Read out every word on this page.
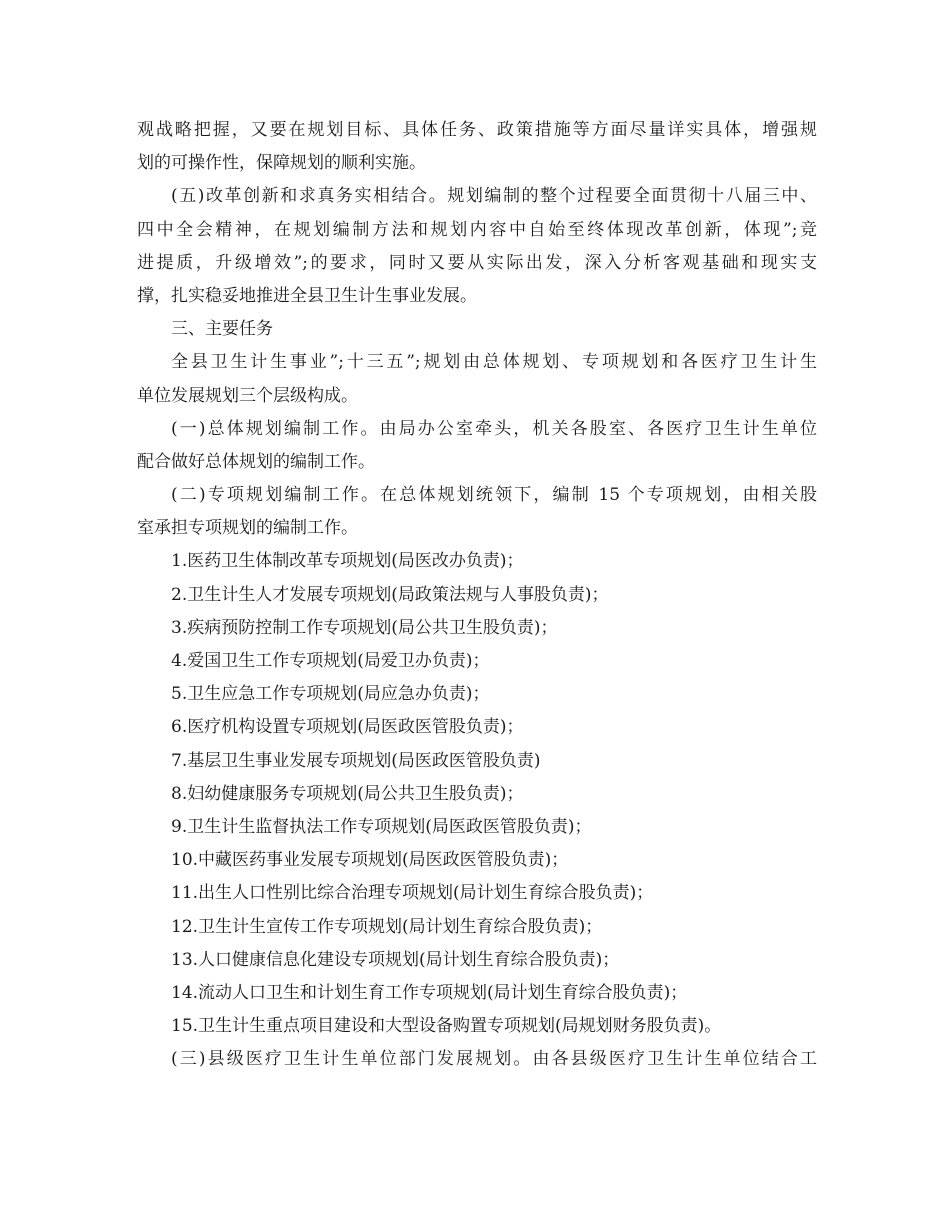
观战略把握，又要在规划目标、具体任务、政策措施等方面尽量详实具体，增强规
划的可操作性，保障规划的顺利实施。
(五)改革创新和求真务实相结合。规划编制的整个过程要全面贯彻十八届三中、
四中全会精神，在规划编制方法和规划内容中自始至终体现改革创新，体现”;竞
进提质，升级增效”;的要求，同时又要从实际出发，深入分析客观基础和现实支
撑，扎实稳妥地推进全县卫生计生事业发展。
三、主要任务
全县卫生计生事业”;十三五”;规划由总体规划、专项规划和各医疗卫生计生
单位发展规划三个层级构成。
(一)总体规划编制工作。由局办公室牵头，机关各股室、各医疗卫生计生单位
配合做好总体规划的编制工作。
(二)专项规划编制工作。在总体规划统领下，编制 15 个专项规划，由相关股
室承担专项规划的编制工作。
1.医药卫生体制改革专项规划(局医改办负责)；
2.卫生计生人才发展专项规划(局政策法规与人事股负责)；
3.疾病预防控制工作专项规划(局公共卫生股负责)；
4.爱国卫生工作专项规划(局爱卫办负责)；
5.卫生应急工作专项规划(局应急办负责)；
6.医疗机构设置专项规划(局医政医管股负责)；
7.基层卫生事业发展专项规划(局医政医管股负责)
8.妇幼健康服务专项规划(局公共卫生股负责)；
9.卫生计生监督执法工作专项规划(局医政医管股负责)；
10.中藏医药事业发展专项规划(局医政医管股负责)；
11.出生人口性别比综合治理专项规划(局计划生育综合股负责)；
12.卫生计生宣传工作专项规划(局计划生育综合股负责)；
13.人口健康信息化建设专项规划(局计划生育综合股负责)；
14.流动人口卫生和计划生育工作专项规划(局计划生育综合股负责)；
15.卫生计生重点项目建设和大型设备购置专项规划(局规划财务股负责)。
(三)县级医疗卫生计生单位部门发展规划。由各县级医疗卫生计生单位结合工
